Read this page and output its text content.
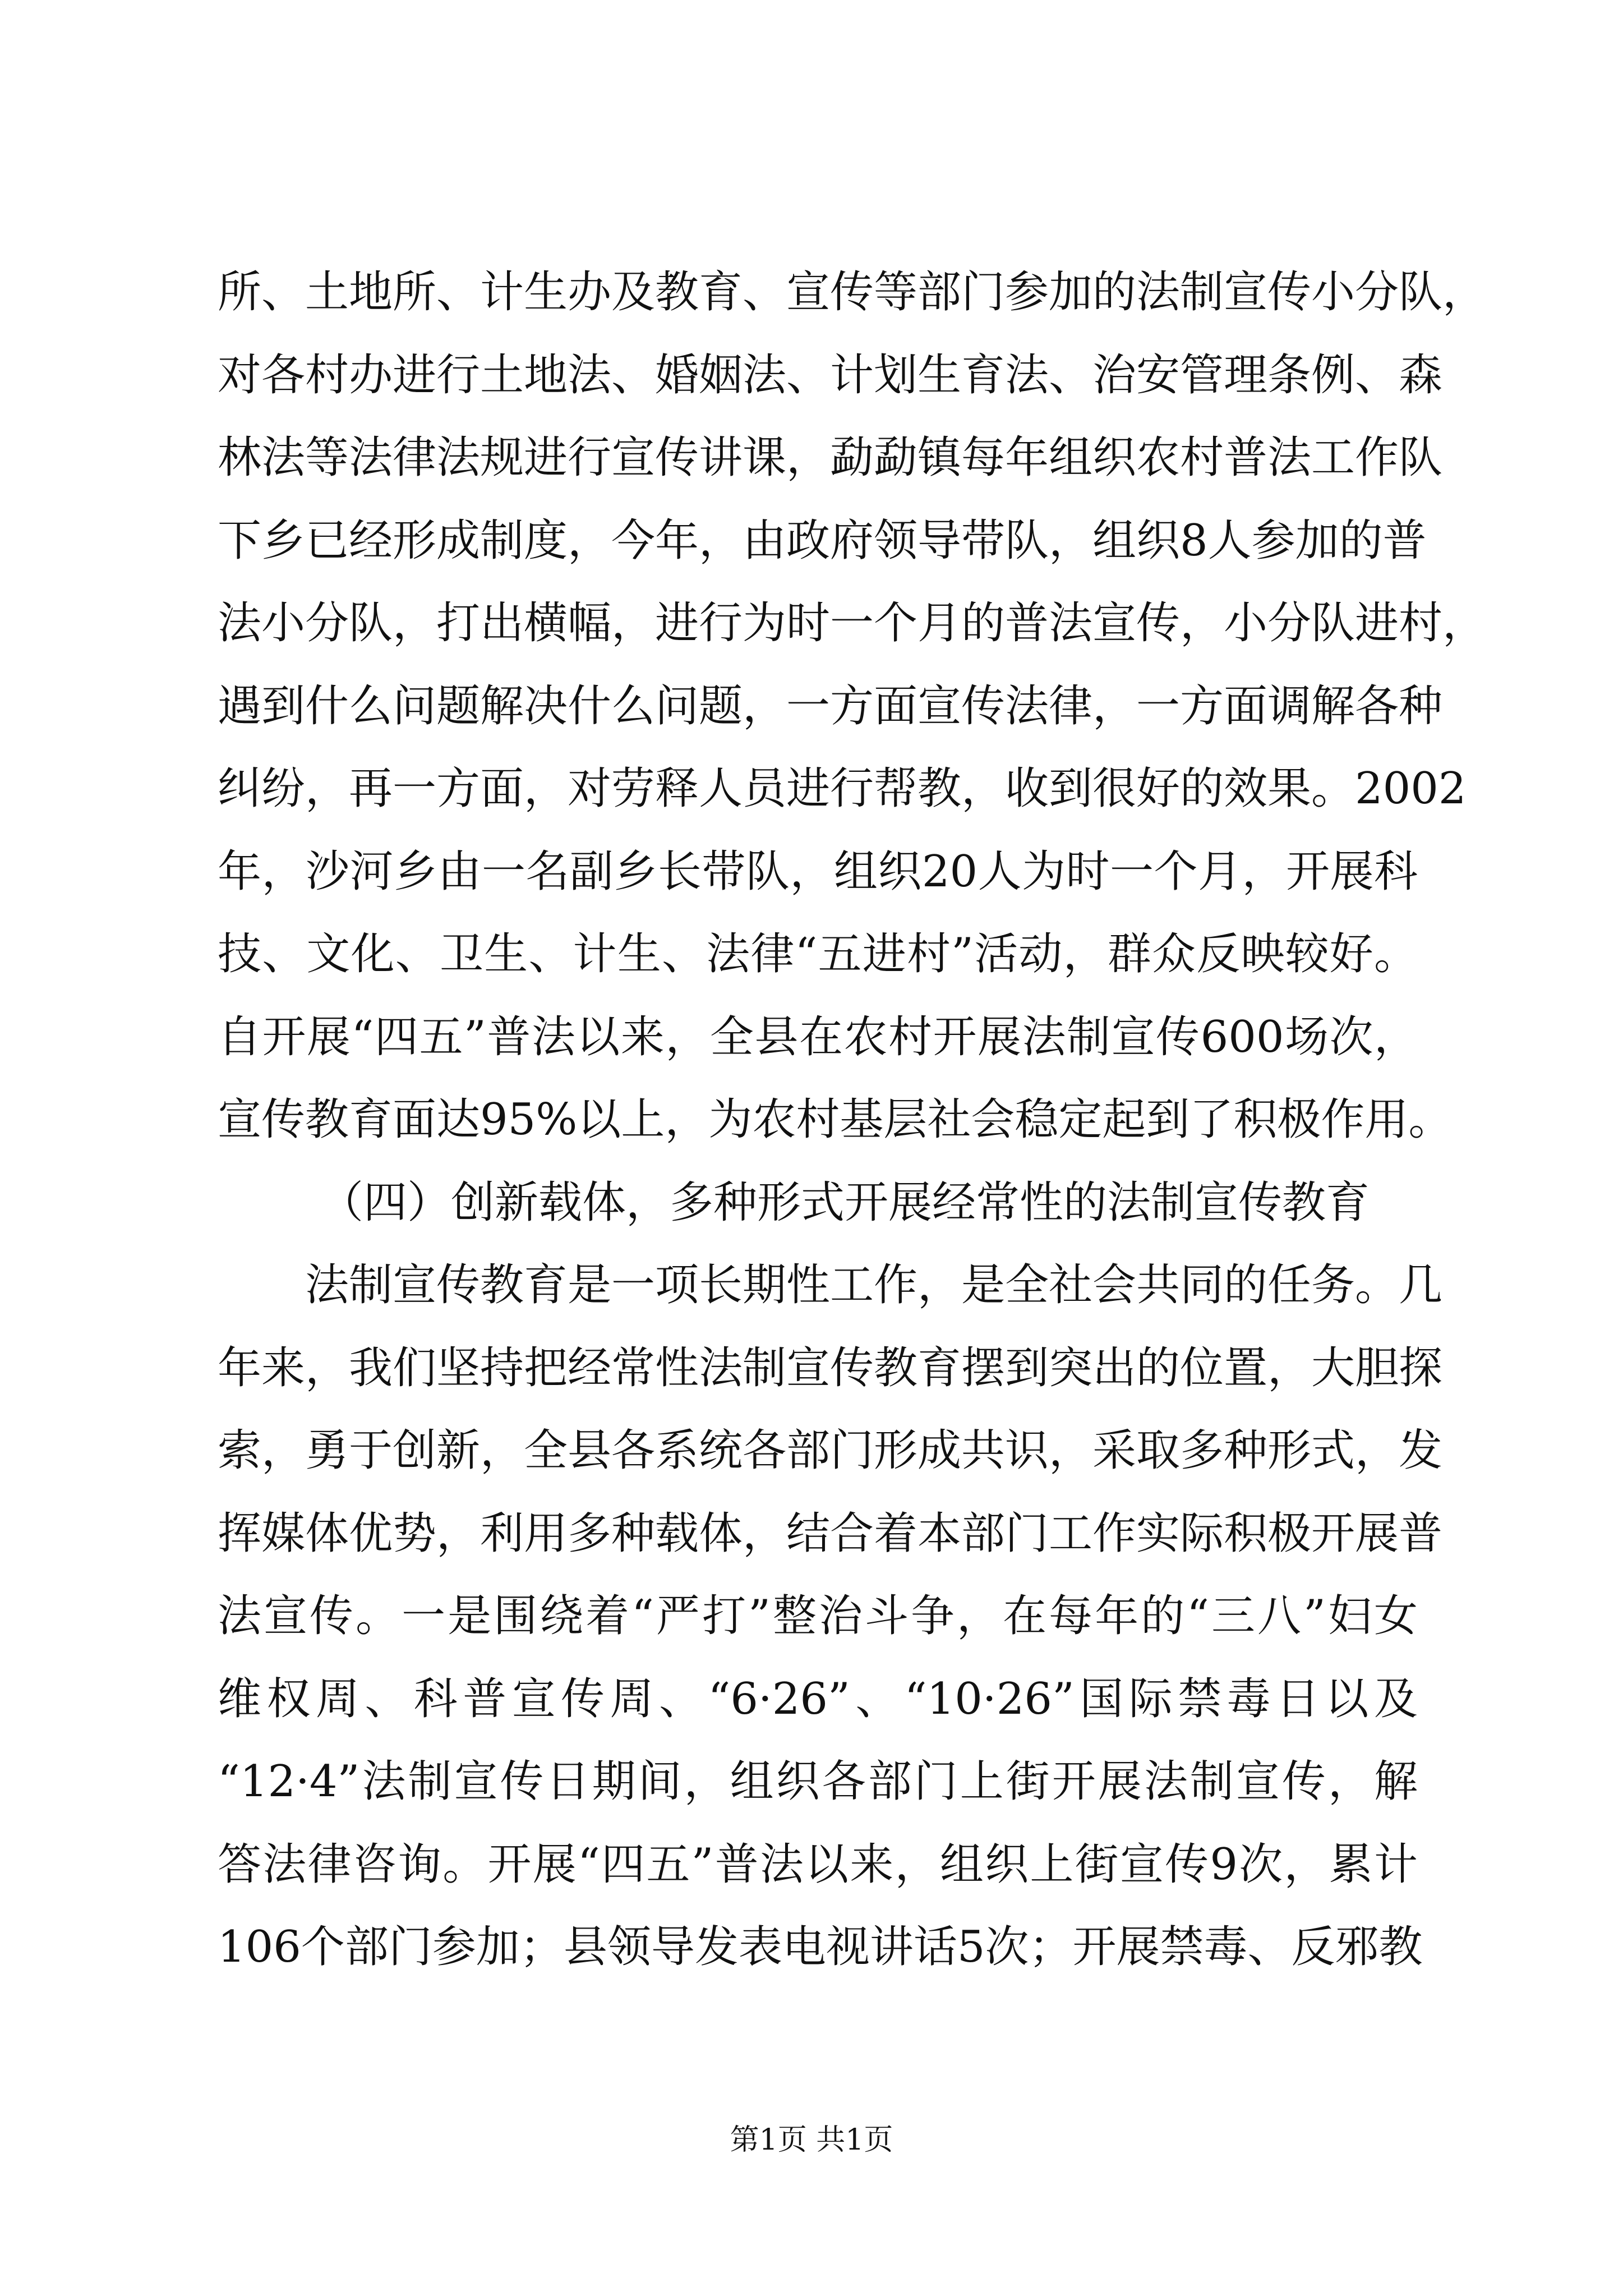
所、土地所、计生办及教育、宣传等部门参加的法制宣传小分队，
对各村办进行土地法、婚姻法、计划生育法、治安管理条例、森
林法等法律法规进行宣传讲课，勐勐镇每年组织农村普法工作队
下乡已经形成制度，今年，由政府领导带队，组织8人参加的普
法小分队，打出横幅，进行为时一个月的普法宣传，小分队进村，
遇到什么问题解决什么问题，一方面宣传法律，一方面调解各种
纠纷，再一方面，对劳释人员进行帮教，收到很好的效果。2002
年，沙河乡由一名副乡长带队，组织20人为时一个月，开展科
技、文化、卫生、计生、法律“五进村”活动，群众反映较好。
自开展“四五”普法以来，全县在农村开展法制宣传600场次，
宣传教育面达95%以上，为农村基层社会稳定起到了积极作用。
（四）创新载体，多种形式开展经常性的法制宣传教育
法制宣传教育是一项长期性工作，是全社会共同的任务。几
年来，我们坚持把经常性法制宣传教育摆到突出的位置，大胆探
索，勇于创新，全县各系统各部门形成共识，采取多种形式，发
挥媒体优势，利用多种载体，结合着本部门工作实际积极开展普
法宣传。一是围绕着“严打”整治斗争，在每年的“三八”妇女
维权周、科普宣传周、“6·26”、“10·26”国际禁毒日以及
“12·4”法制宣传日期间，组织各部门上街开展法制宣传，解
答法律咨询。开展“四五”普法以来，组织上街宣传9次，累计
106个部门参加；县领导发表电视讲话5次；开展禁毒、反邪教
第1页 共1页
